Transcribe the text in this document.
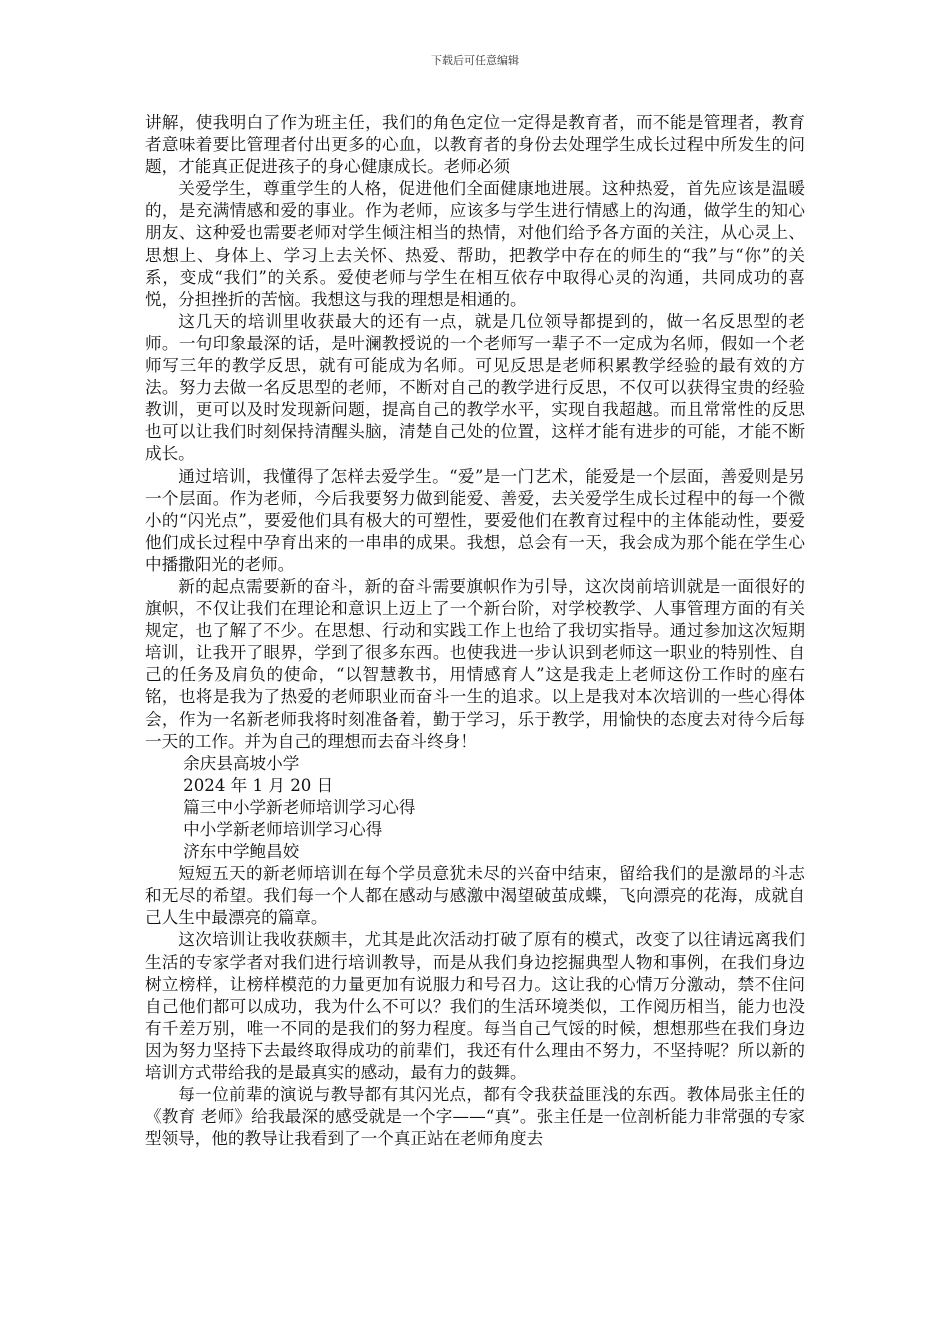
下载后可任意编辑

讲解，使我明白了作为班主任，我们的角色定位一定得是教育者，而不能是管理者，教育者意味着要比管理者付出更多的心血，以教育者的身份去处理学生成长过程中所发生的问题，才能真正促进孩子的身心健康成长。老师必须

关爱学生，尊重学生的人格，促进他们全面健康地进展。这种热爱，首先应该是温暖的，是充满情感和爱的事业。作为老师，应该多与学生进行情感上的沟通，做学生的知心朋友、这种爱也需要老师对学生倾注相当的热情，对他们给予各方面的关注，从心灵上、思想上、身体上、学习上去关怀、热爱、帮助，把教学中存在的师生的“我”与“你”的关系，变成“我们”的关系。爱使老师与学生在相互依存中取得心灵的沟通，共同成功的喜悦，分担挫折的苦恼。我想这与我的理想是相通的。

这几天的培训里收获最大的还有一点，就是几位领导都提到的，做一名反思型的老师。一句印象最深的话，是叶澜教授说的一个老师写一辈子不一定成为名师，假如一个老师写三年的教学反思，就有可能成为名师。可见反思是老师积累教学经验的最有效的方法。努力去做一名反思型的老师，不断对自己的教学进行反思，不仅可以获得宝贵的经验教训，更可以及时发现新问题，提高自己的教学水平，实现自我超越。而且常常性的反思也可以让我们时刻保持清醒头脑，清楚自己处的位置，这样才能有进步的可能，才能不断成长。

通过培训，我懂得了怎样去爱学生。“爱”是一门艺术，能爱是一个层面，善爱则是另一个层面。作为老师，今后我要努力做到能爱、善爱，去关爱学生成长过程中的每一个微小的“闪光点”，要爱他们具有极大的可塑性，要爱他们在教育过程中的主体能动性，要爱他们成长过程中孕育出来的一串串的成果。我想，总会有一天，我会成为那个能在学生心中播撒阳光的老师。

新的起点需要新的奋斗，新的奋斗需要旗帜作为引导，这次岗前培训就是一面很好的旗帜，不仅让我们在理论和意识上迈上了一个新台阶，对学校教学、人事管理方面的有关规定，也了解了不少。在思想、行动和实践工作上也给了我切实指导。通过参加这次短期培训，让我开了眼界，学到了很多东西。也使我进一步认识到老师这一职业的特别性、自己的任务及肩负的使命，“以智慧教书，用情感育人”这是我走上老师这份工作时的座右铭，也将是我为了热爱的老师职业而奋斗一生的追求。以上是我对本次培训的一些心得体会，作为一名新老师我将时刻准备着，勤于学习，乐于教学，用愉快的态度去对待今后每一天的工作。并为自己的理想而去奋斗终身！

余庆县高坡小学

2024 年 1 月 20 日

篇三中小学新老师培训学习心得

中小学新老师培训学习心得

济东中学鲍昌姣

短短五天的新老师培训在每个学员意犹未尽的兴奋中结束，留给我们的是激昂的斗志和无尽的希望。我们每一个人都在感动与感激中渴望破茧成蝶，飞向漂亮的花海，成就自己人生中最漂亮的篇章。

这次培训让我收获颇丰，尤其是此次活动打破了原有的模式，改变了以往请远离我们生活的专家学者对我们进行培训教导，而是从我们身边挖掘典型人物和事例，在我们身边树立榜样，让榜样模范的力量更加有说服力和号召力。这让我的心情万分激动，禁不住问自己他们都可以成功，我为什么不可以？我们的生活环境类似，工作阅历相当，能力也没有千差万别，唯一不同的是我们的努力程度。每当自己气馁的时候，想想那些在我们身边因为努力坚持下去最终取得成功的前辈们，我还有什么理由不努力，不坚持呢？所以新的培训方式带给我的是最真实的感动，最有力的鼓舞。

每一位前辈的演说与教导都有其闪光点，都有令我获益匪浅的东西。教体局张主任的《教育 老师》给我最深的感受就是一个字——“真”。张主任是一位剖析能力非常强的专家型领导，他的教导让我看到了一个真正站在老师角度去
